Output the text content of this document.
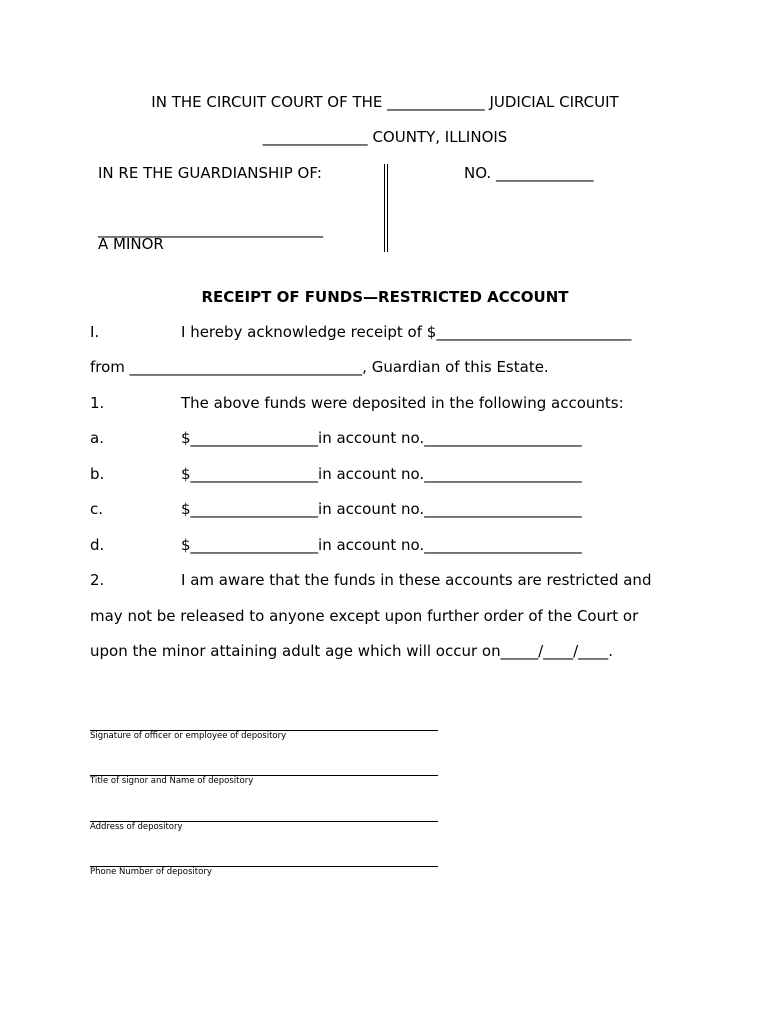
IN THE CIRCUIT COURT OF THE _____________ JUDICIAL CIRCUIT
______________ COUNTY, ILLINOIS
IN RE THE GUARDIANSHIP OF:	NO. _____________
______________________________
A MINOR
RECEIPT OF FUNDS—RESTRICTED ACCOUNT
I.	I hereby acknowledge receipt of $__________________________
from _______________________________, Guardian of this Estate.
1.	The above funds were deposited in the following accounts:
a.	$_________________in account no._____________________
b.	$_________________in account no._____________________
c.	$_________________in account no._____________________
d.	$_________________in account no._____________________
2.	I am aware that the funds in these accounts are restricted and
may not be released to anyone except upon further order of the Court or
upon the minor attaining adult age which will occur on_____/____/____.
Signature of officer or employee of depository
Title of signor and Name of depository
Address of depository
Phone Number of depository
